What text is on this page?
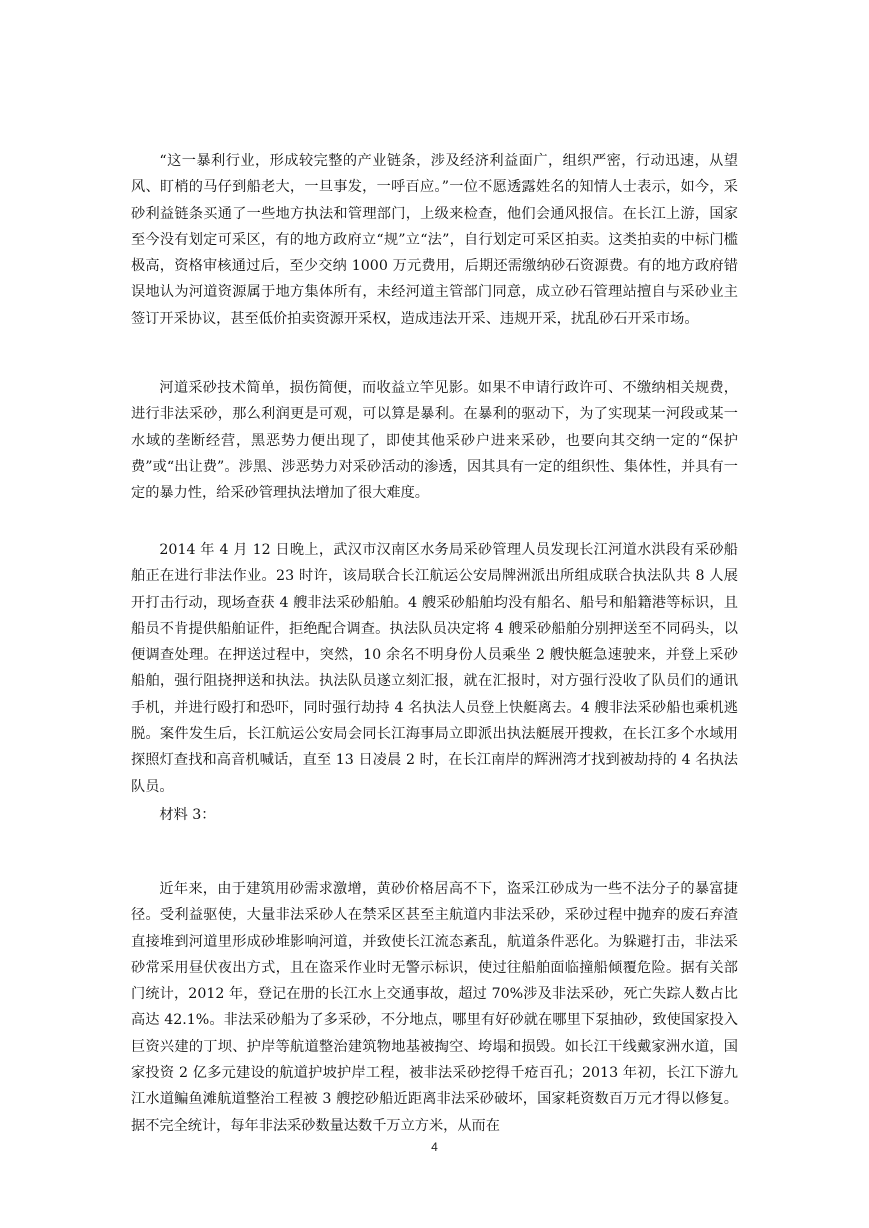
“这一暴利行业，形成较完整的产业链条，涉及经济利益面广，组织严密，行动迅速，从望风、盯梢的马仔到船老大，一旦事发，一呼百应。”一位不愿透露姓名的知情人士表示，如今，采砂利益链条买通了一些地方执法和管理部门，上级来检查，他们会通风报信。在长江上游，国家至今没有划定可采区，有的地方政府立“规”立“法”，自行划定可采区拍卖。这类拍卖的中标门槛极高，资格审核通过后，至少交纳 1000 万元费用，后期还需缴纳砂石资源费。有的地方政府错误地认为河道资源属于地方集体所有，未经河道主管部门同意，成立砂石管理站擅自与采砂业主签订开采协议，甚至低价拍卖资源开采权，造成违法开采、违规开采，扰乱砂石开采市场。

河道采砂技术简单，损伤简便，而收益立竿见影。如果不申请行政许可、不缴纳相关规费，进行非法采砂，那么利润更是可观，可以算是暴利。在暴利的驱动下，为了实现某一河段或某一水域的垄断经营，黑恶势力便出现了，即使其他采砂户进来采砂，也要向其交纳一定的“保护费”或“出让费”。涉黑、涉恶势力对采砂活动的渗透，因其具有一定的组织性、集体性，并具有一定的暴力性，给采砂管理执法增加了很大难度。

2014 年 4 月 12 日晚上，武汉市汉南区水务局采砂管理人员发现长江河道水洪段有采砂船舶正在进行非法作业。23 时许，该局联合长江航运公安局牌洲派出所组成联合执法队共 8 人展开打击行动，现场查获 4 艘非法采砂船舶。4 艘采砂船舶均没有船名、船号和船籍港等标识，且船员不肯提供船舶证件，拒绝配合调查。执法队员决定将 4 艘采砂船舶分别押送至不同码头，以便调查处理。在押送过程中，突然，10 余名不明身份人员乘坐 2 艘快艇急速驶来，并登上采砂船舶，强行阻挠押送和执法。执法队员遂立刻汇报，就在汇报时，对方强行没收了队员们的通讯手机，并进行殴打和恐吓，同时强行劫持 4 名执法人员登上快艇离去。4 艘非法采砂船也乘机逃脱。案件发生后，长江航运公安局会同长江海事局立即派出执法艇展开搜救，在长江多个水域用探照灯查找和高音机喊话，直至 13 日凌晨 2 时，在长江南岸的辉洲湾才找到被劫持的 4 名执法队员。

材料 3：

近年来，由于建筑用砂需求激增，黄砂价格居高不下，盗采江砂成为一些不法分子的暴富捷径。受利益驱使，大量非法采砂人在禁采区甚至主航道内非法采砂，采砂过程中抛弃的废石弃渣直接堆到河道里形成砂堆影响河道，并致使长江流态紊乱，航道条件恶化。为躲避打击，非法采砂常采用昼伏夜出方式，且在盗采作业时无警示标识，使过往船舶面临撞船倾覆危险。据有关部门统计，2012 年，登记在册的长江水上交通事故，超过 70%涉及非法采砂，死亡失踪人数占比高达 42.1%。非法采砂船为了多采砂，不分地点，哪里有好砂就在哪里下泵抽砂，致使国家投入巨资兴建的丁坝、护岸等航道整治建筑物地基被掏空、垮塌和损毁。如长江干线戴家洲水道，国家投资 2 亿多元建设的航道护坡护岸工程，被非法采砂挖得千疮百孔；2013 年初，长江下游九江水道鳊鱼滩航道整治工程被 3 艘挖砂船近距离非法采砂破坏，国家耗资数百万元才得以修复。据不完全统计，每年非法采砂数量达数千万立方米，从而在

4
